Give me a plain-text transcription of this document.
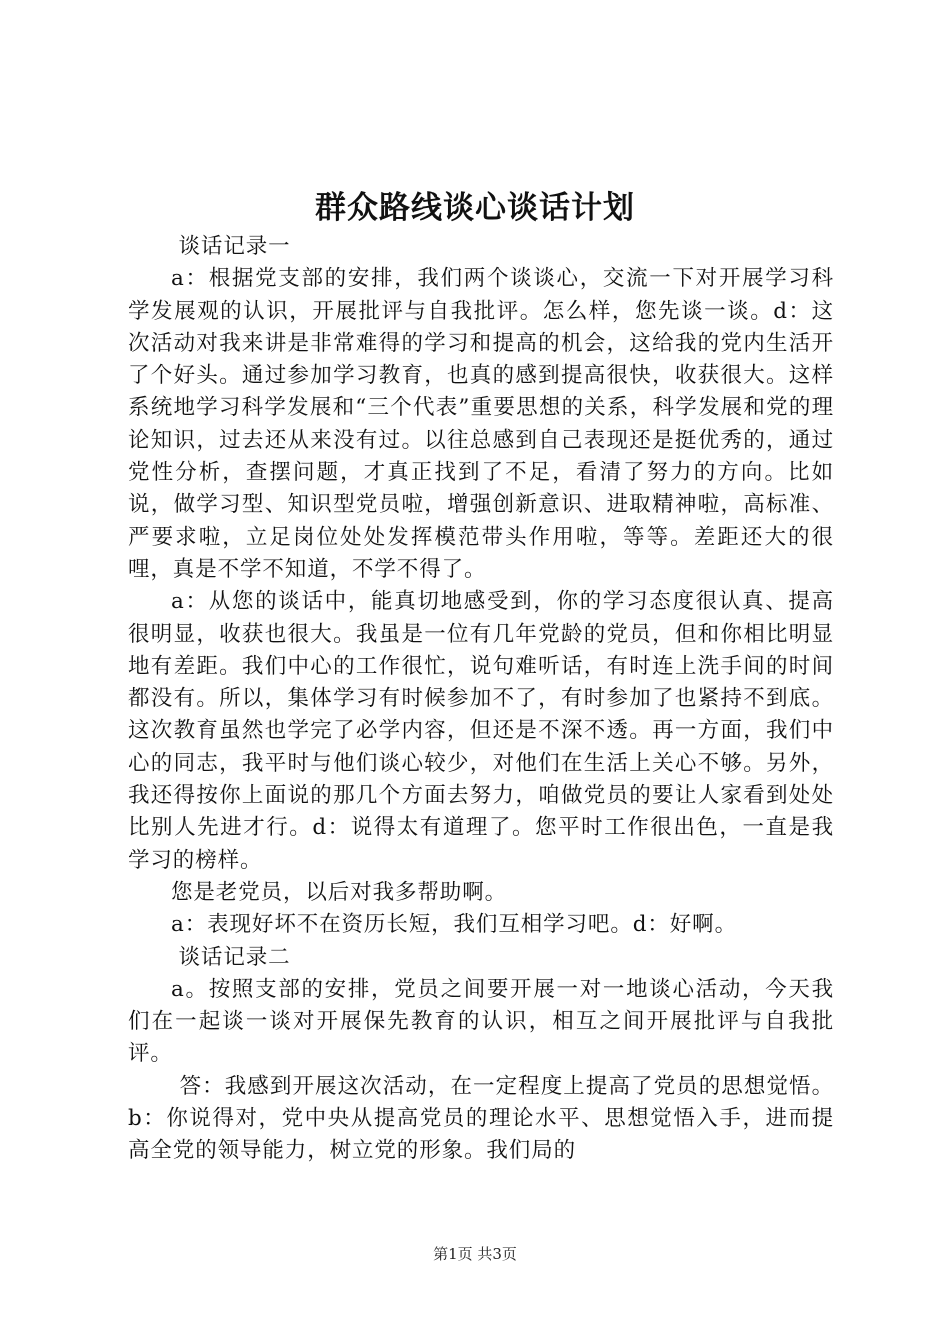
群众路线谈心谈话计划

谈话记录一

a：根据党支部的安排，我们两个谈谈心，交流一下对开展学习科学发展观的认识，开展批评与自我批评。怎么样，您先谈一谈。d：这次活动对我来讲是非常难得的学习和提高的机会，这给我的党内生活开了个好头。通过参加学习教育，也真的感到提高很快，收获很大。这样系统地学习科学发展和“三个代表”重要思想的关系，科学发展和党的理论知识，过去还从来没有过。以往总感到自己表现还是挺优秀的，通过党性分析，查摆问题，才真正找到了不足，看清了努力的方向。比如说，做学习型、知识型党员啦，增强创新意识、进取精神啦，高标准、严要求啦，立足岗位处处发挥模范带头作用啦，等等。差距还大的很哩，真是不学不知道，不学不得了。

a：从您的谈话中，能真切地感受到，你的学习态度很认真、提高很明显，收获也很大。我虽是一位有几年党龄的党员，但和你相比明显地有差距。我们中心的工作很忙，说句难听话，有时连上洗手间的时间都没有。所以，集体学习有时候参加不了，有时参加了也紧持不到底。这次教育虽然也学完了必学内容，但还是不深不透。再一方面，我们中心的同志，我平时与他们谈心较少，对他们在生活上关心不够。另外，我还得按你上面说的那几个方面去努力，咱做党员的要让人家看到处处比别人先进才行。d：说得太有道理了。您平时工作很出色，一直是我学习的榜样。

您是老党员，以后对我多帮助啊。

a：表现好坏不在资历长短，我们互相学习吧。d：好啊。

谈话记录二

a。按照支部的安排，党员之间要开展一对一地谈心活动，今天我们在一起谈一谈对开展保先教育的认识，相互之间开展批评与自我批评。

答：我感到开展这次活动，在一定程度上提高了党员的思想觉悟。b：你说得对，党中央从提高党员的理论水平、思想觉悟入手，进而提高全党的领导能力，树立党的形象。我们局的

第1页 共3页
